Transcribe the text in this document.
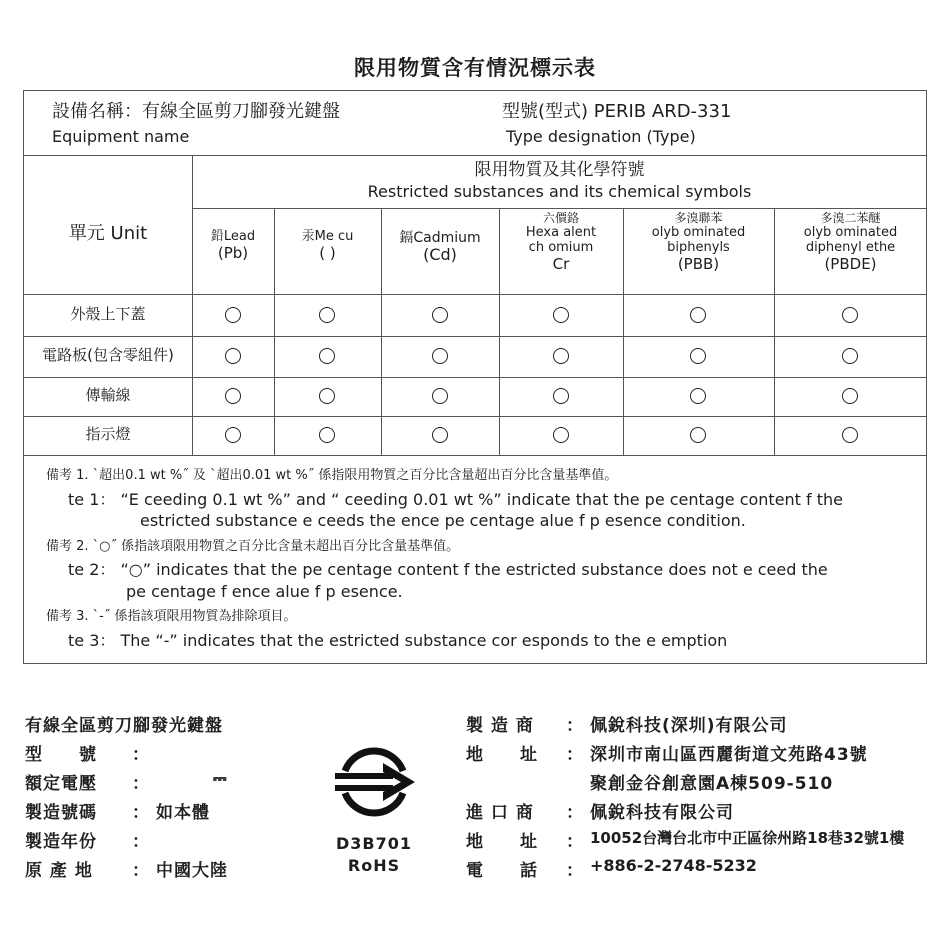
限用物質含有情況標示表
設備名稱：有線全區剪刀腳發光鍵盤
Equipment name
型號(型式) PERIB ARD-331
Type designation (Type)
單元 Unit
限用物質及其化學符號
Restricted substances and its chemical symbols
鉛Lead
(Pb)
汞Me cu
( )
鎘Cadmium
(Cd)
六價鉻
Hexa alent
ch omium
Cr
多溴聯苯
olyb ominated
biphenyls
(PBB)
多溴二苯醚
olyb ominated
diphenyl ethe
(PBDE)
外殼上下蓋
電路板(包含零組件)
傳輸線
指示燈
備考 1. ˋ超出0.1 wt %˝ 及 ˋ超出0.01 wt %˝ 係指限用物質之百分比含量超出百分比含量基準值。
te 1： “E ceeding 0.1 wt %” and “ ceeding 0.01 wt %” indicate that the pe centage content f the
estricted substance e ceeds the ence pe centage alue f p esence condition.
備考 2. ˋ○˝ 係指該項限用物質之百分比含量未超出百分比含量基準值。
te 2： “○” indicates that the pe centage content f the estricted substance does not e ceed the
pe centage f ence alue f p esence.
備考 3. ˋ-˝ 係指該項限用物質為排除項目。
te 3： The “-” indicates that the estricted substance cor esponds to the e emption
有線全區剪刀腳發光鍵盤
型　　號 ：
額定電壓 ：	⎓
製造號碼 ： 如本體
製造年份 ：
原 產 地 ： 中國大陸
D3B701
RoHS
製 造 商 ： 佩銳科技(深圳)有限公司
地　　址 ： 深圳市南山區西麗街道文苑路43號
聚創金谷創意園A棟509-510
進 口 商 ： 佩銳科技有限公司
地　　址 ： 10052台灣台北市中正區徐州路18巷32號1樓
電　　話 ： +886-2-2748-5232
